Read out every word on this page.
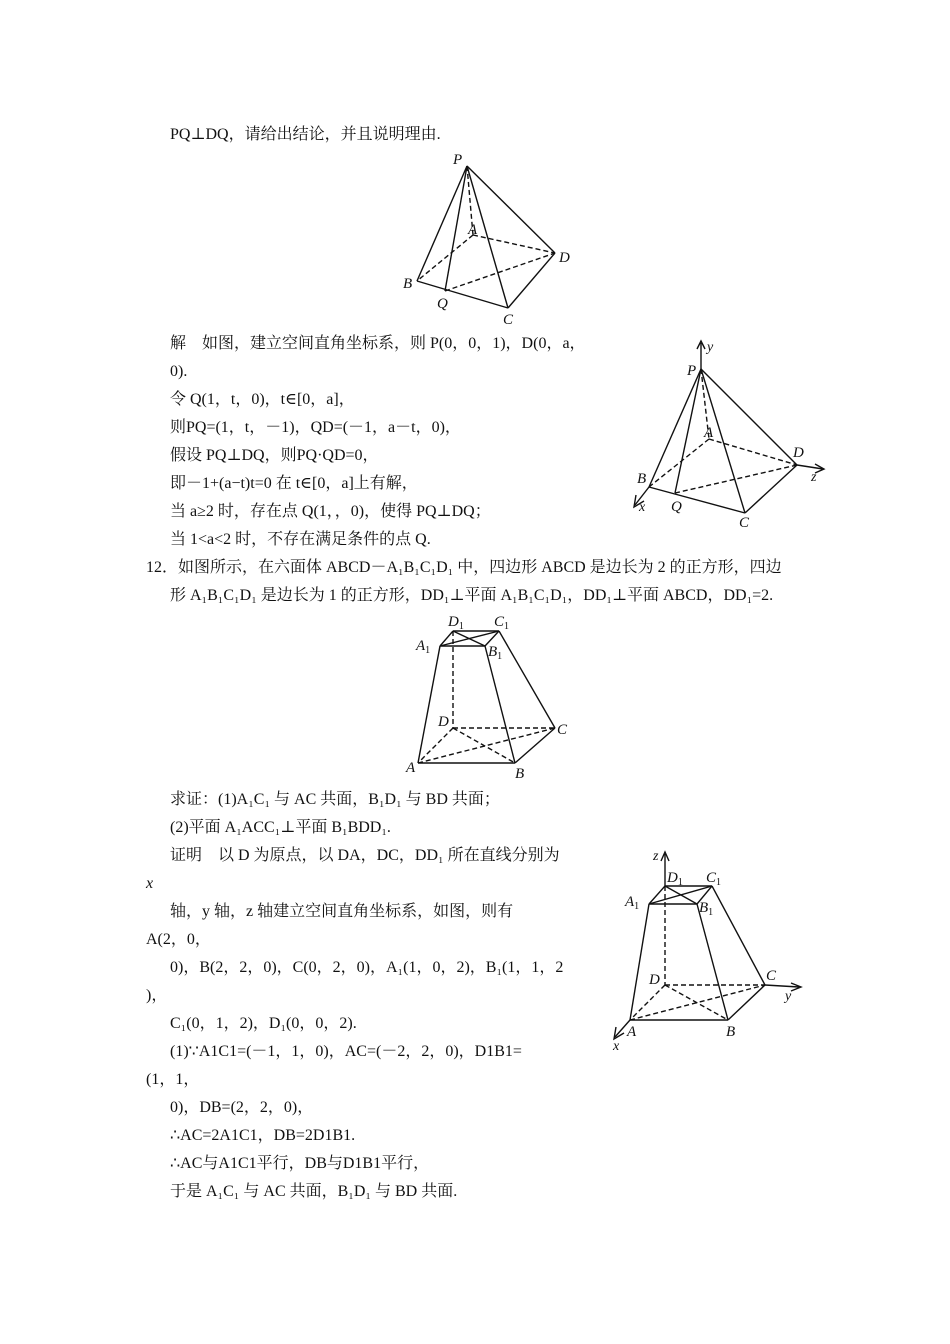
PQ⊥DQ，请给出结论，并且说明理由.
解　如图，建立空间直角坐标系，则 P(0，0，1)，D(0，a，
0).
令 Q(1，t，0)，t∈[0，a]，
则PQ=(1，t，－1)，QD=(－1，a－t，0)，
假设 PQ⊥DQ，则PQ·QD=0，
即－1+(a−t)t=0 在 t∈[0，a]上有解，
当 a≥2 时，存在点 Q(1，，0)，使得 PQ⊥DQ；
当 1<a<2 时，不存在满足条件的点 Q.
12．如图所示，在六面体 ABCD－A₁B₁C₁D₁ 中，四边形 ABCD 是边长为 2 的正方形，四边
形 A₁B₁C₁D₁ 是边长为 1 的正方形，DD₁⊥平面 A₁B₁C₁D₁，DD₁⊥平面 ABCD，DD₁=2.
求证：(1)A₁C₁ 与 AC 共面，B₁D₁ 与 BD 共面；
(2)平面 A₁ACC₁⊥平面 B₁BDD₁.
证明　以 D 为原点，以 DA，DC，DD₁ 所在直线分别为
x
轴，y 轴，z 轴建立空间直角坐标系，如图，则有
A(2，0，
0)，B(2，2，0)，C(0，2，0)，A₁(1，0，2)，B₁(1，1，2
)，
C₁(0，1，2)，D₁(0，0，2).
(1)∵A1C1=(－1，1，0)，AC=(－2，2，0)，D1B1=
(1，1，
0)，DB=(2，2，0)，
∴AC=2A1C1，DB=2D1B1.
∴AC与A1C1平行，DB与D1B1平行，
于是 A₁C₁ 与 AC 共面，B₁D₁ 与 BD 共面.
P
A
B
Q
C
D
y
P
A
D
z
B
x Q
C
$D_1$ $C_1$
$A_1$	$B_1$
D	C
A	B
z
$D_1$ $C_1$
$A_1$	$B_1$
D	C
y
A
x
B
